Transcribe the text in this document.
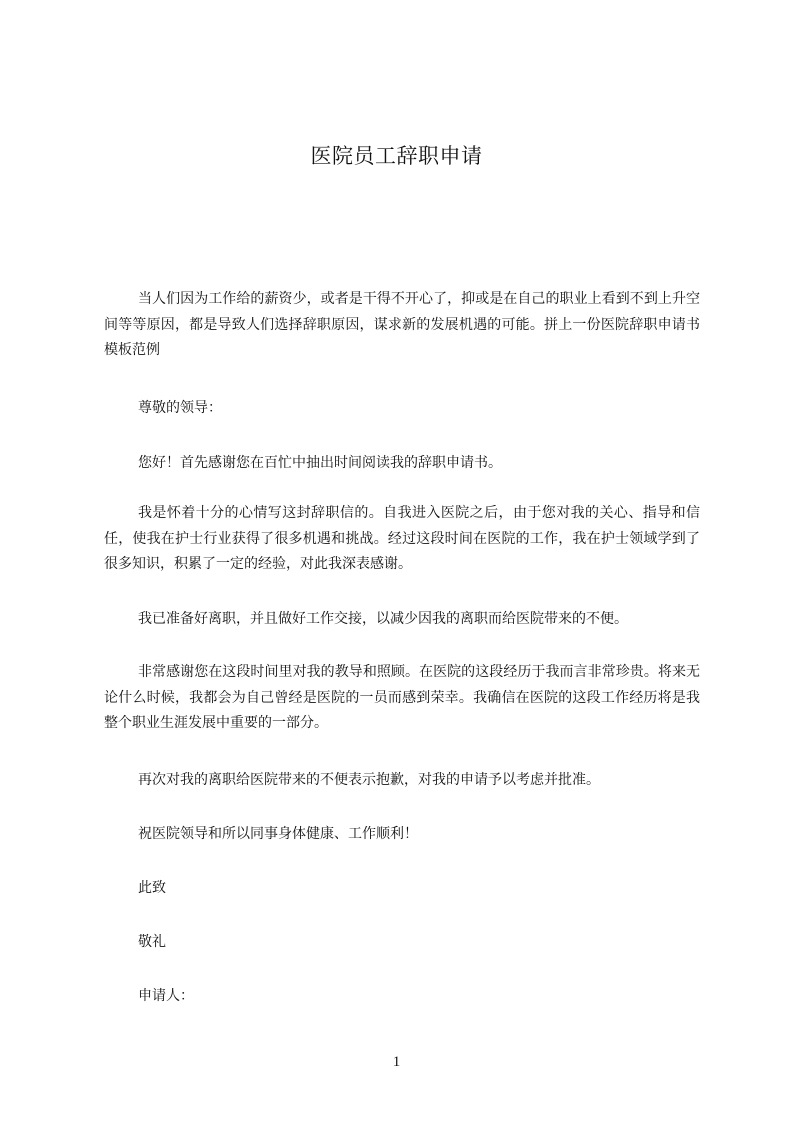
医院员工辞职申请
当人们因为工作给的薪资少，或者是干得不开心了，抑或是在自己的职业上看到不到上升空间等等原因，都是导致人们选择辞职原因，谋求新的发展机遇的可能。拼上一份医院辞职申请书模板范例
尊敬的领导：
您好！首先感谢您在百忙中抽出时间阅读我的辞职申请书。
我是怀着十分的心情写这封辞职信的。自我进入医院之后，由于您对我的关心、指导和信任，使我在护士行业获得了很多机遇和挑战。经过这段时间在医院的工作，我在护士领域学到了很多知识，积累了一定的经验，对此我深表感谢。
我已准备好离职，并且做好工作交接，以减少因我的离职而给医院带来的不便。
非常感谢您在这段时间里对我的教导和照顾。在医院的这段经历于我而言非常珍贵。将来无论什么时候，我都会为自己曾经是医院的一员而感到荣幸。我确信在医院的这段工作经历将是我整个职业生涯发展中重要的一部分。
再次对我的离职给医院带来的不便表示抱歉，对我的申请予以考虑并批准。
祝医院领导和所以同事身体健康、工作顺利！
此致
敬礼
申请人：
1
